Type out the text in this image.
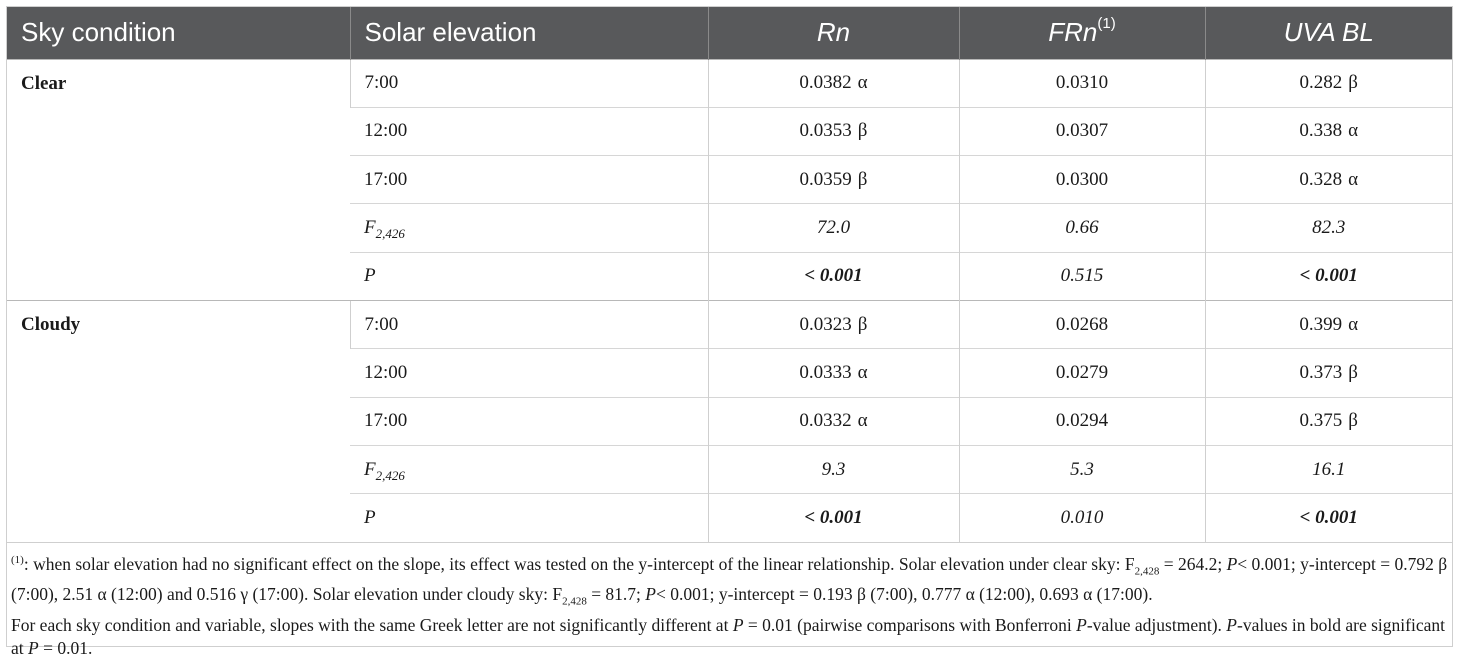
Sky condition	Solar elevation	Rn	FRn$^{(1)}$	UVA BL
Clear	7:00	0.0382 α	0.0310	0.282 β
	12:00	0.0353 β	0.0307	0.338 α
	17:00	0.0359 β	0.0300	0.328 α
	$F_{2,426}$	72.0	0.66	82.3
	P	< 0.001	0.515	< 0.001
Cloudy	7:00	0.0323 β	0.0268	0.399 α
	12:00	0.0333 α	0.0279	0.373 β
	17:00	0.0332 α	0.0294	0.375 β
	$F_{2,426}$	9.3	5.3	16.1
	P	< 0.001	0.010	< 0.001

$^{(1)}$: when solar elevation had no significant effect on the slope, its effect was tested on the y-intercept of the linear relationship. Solar elevation under clear sky: $F_{2,428} = 264.2$; P< 0.001; y-intercept = 0.792 β (7:00), 2.51 α (12:00) and 0.516 γ (17:00). Solar elevation under cloudy sky: $F_{2,428} = 81.7$; P< 0.001; y-intercept = 0.193 β (7:00), 0.777 α (12:00), 0.693 α (17:00).

For each sky condition and variable, slopes with the same Greek letter are not significantly different at P = 0.01 (pairwise comparisons with Bonferroni P-value adjustment). P-values in bold are significant at P = 0.01.
